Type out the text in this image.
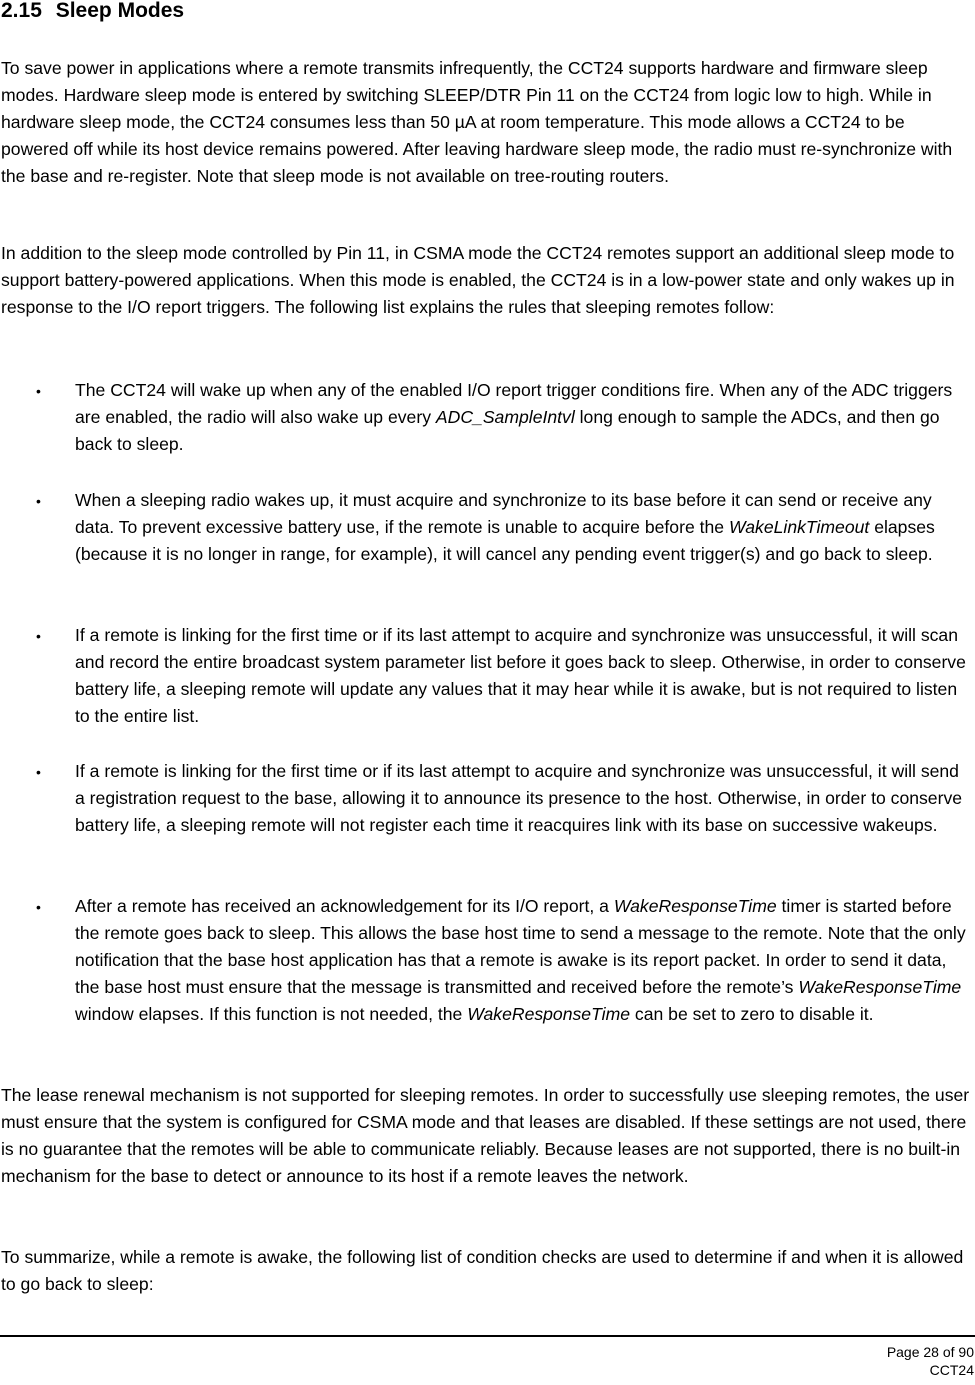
2.15 Sleep Modes

To save power in applications where a remote transmits infrequently, the CCT24 supports hardware and firmware sleep modes. Hardware sleep mode is entered by switching SLEEP/DTR Pin 11 on the CCT24 from logic low to high. While in hardware sleep mode, the CCT24 consumes less than 50 µA at room temperature. This mode allows a CCT24 to be powered off while its host device remains powered. After leaving hardware sleep mode, the radio must re-synchronize with the base and re-register. Note that sleep mode is not available on tree-routing routers.

In addition to the sleep mode controlled by Pin 11, in CSMA mode the CCT24 remotes support an additional sleep mode to support battery-powered applications. When this mode is enabled, the CCT24 is in a low-power state and only wakes up in response to the I/O report triggers. The following list explains the rules that sleeping remotes follow:

• The CCT24 will wake up when any of the enabled I/O report trigger conditions fire. When any of the ADC triggers are enabled, the radio will also wake up every ADC_SampleIntvl long enough to sample the ADCs, and then go back to sleep.

• When a sleeping radio wakes up, it must acquire and synchronize to its base before it can send or receive any data. To prevent excessive battery use, if the remote is unable to acquire before the WakeLinkTimeout elapses (because it is no longer in range, for example), it will cancel any pending event trigger(s) and go back to sleep.

• If a remote is linking for the first time or if its last attempt to acquire and synchronize was unsuccessful, it will scan and record the entire broadcast system parameter list before it goes back to sleep. Otherwise, in order to conserve battery life, a sleeping remote will update any values that it may hear while it is awake, but is not required to listen to the entire list.

• If a remote is linking for the first time or if its last attempt to acquire and synchronize was unsuccessful, it will send a registration request to the base, allowing it to announce its presence to the host. Otherwise, in order to conserve battery life, a sleeping remote will not register each time it reacquires link with its base on successive wakeups.

• After a remote has received an acknowledgement for its I/O report, a WakeResponseTime timer is started before the remote goes back to sleep. This allows the base host time to send a message to the remote. Note that the only notification that the base host application has that a remote is awake is its report packet. In order to send it data, the base host must ensure that the message is transmitted and received before the remote’s WakeResponseTime window elapses. If this function is not needed, the WakeResponseTime can be set to zero to disable it.

The lease renewal mechanism is not supported for sleeping remotes. In order to successfully use sleeping remotes, the user must ensure that the system is configured for CSMA mode and that leases are disabled. If these settings are not used, there is no guarantee that the remotes will be able to communicate reliably. Because leases are not supported, there is no built-in mechanism for the base to detect or announce to its host if a remote leaves the network.

To summarize, while a remote is awake, the following list of condition checks are used to determine if and when it is allowed to go back to sleep:

Page 28 of 90
CCT24
